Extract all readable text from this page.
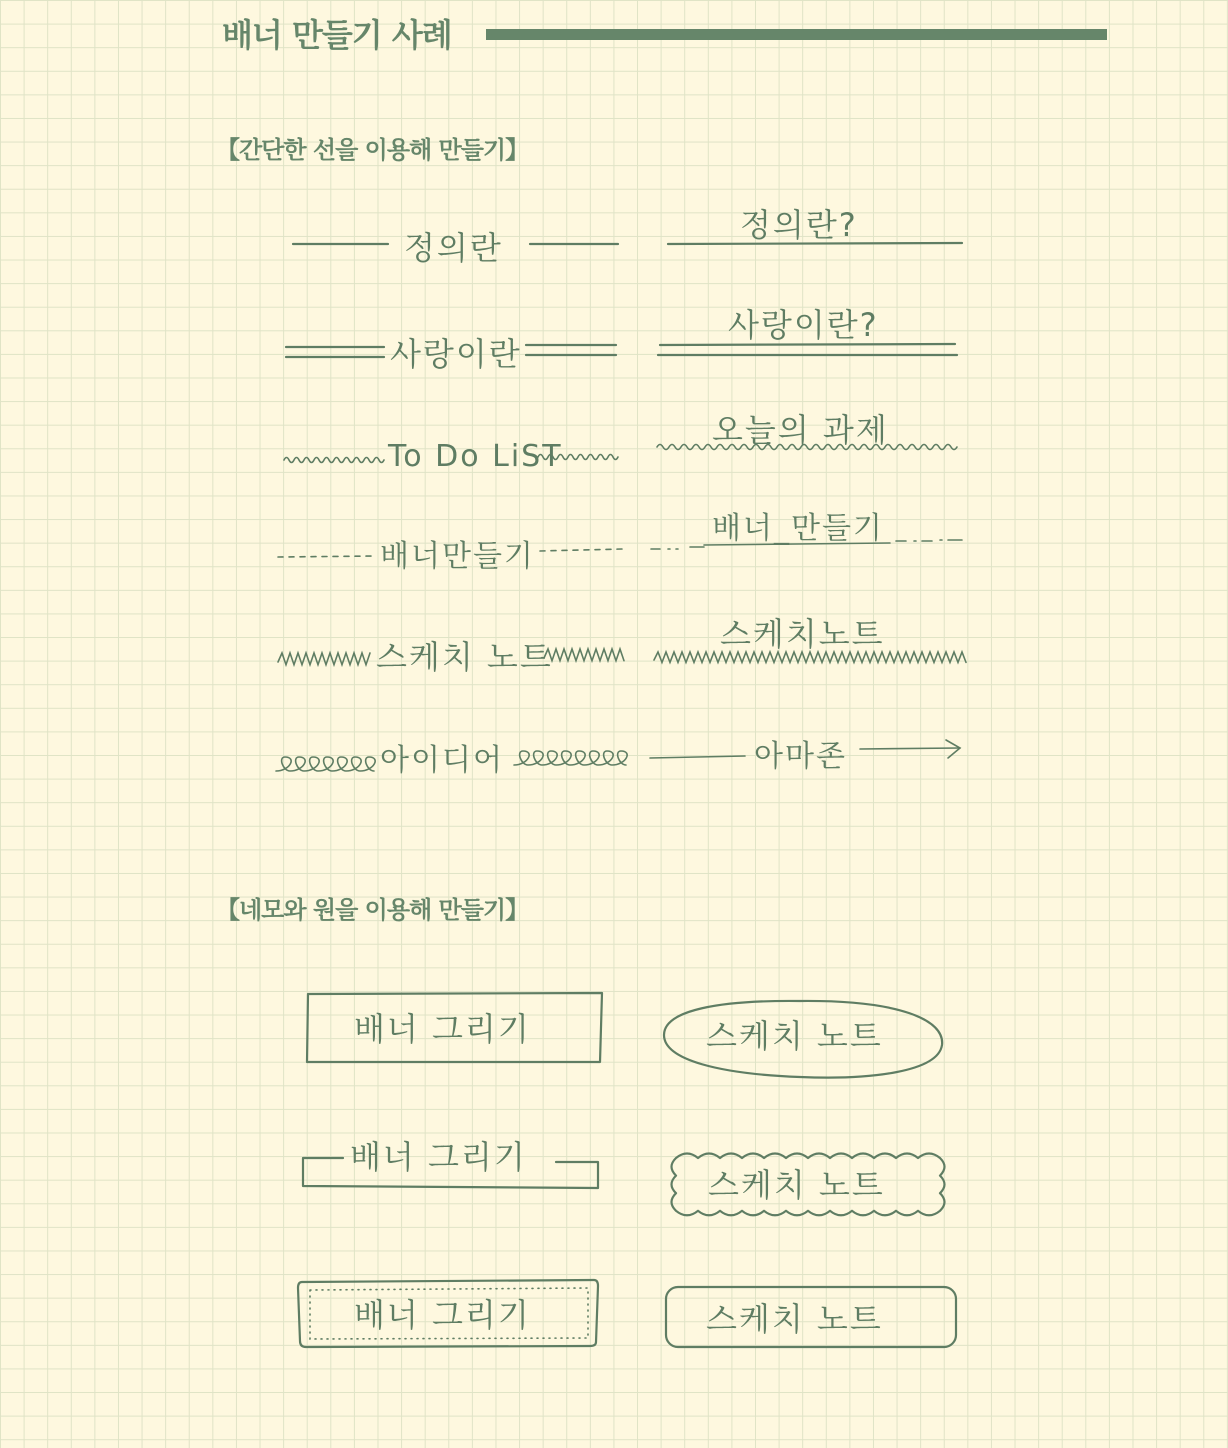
배너 만들기 사례
【간단한 선을 이용해 만들기】
【네모와 원을 이용해 만들기】
정의란
정의란?
사랑이란
사랑이란?
To Do LiST
오늘의 과제
배너만들기
배너_만들기
스케치 노트
스케치노트
아이디어	아마존
배너 그리기	스케치 노트
배너 그리기
스케치 노트
배너 그리기	스케치 노트
